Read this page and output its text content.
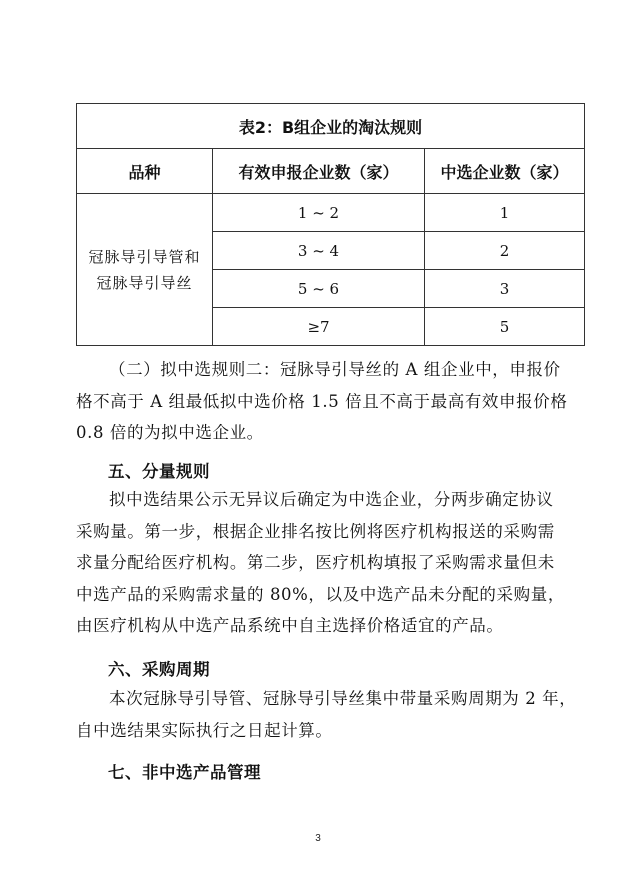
表2：B组企业的淘汰规则		
品种	有效申报企业数（家）	中选企业数（家）

冠脉导引导管和
冠脉导引导丝	1 ~ 2	1
	3 ~ 4	2
	5 ~ 6	3
	≥7	5
（二）拟中选规则二：冠脉导引导丝的 A 组企业中，申报价
格不高于 A 组最低拟中选价格 1.5 倍且不高于最高有效申报价格
0.8 倍的为拟中选企业。
五、分量规则
拟中选结果公示无异议后确定为中选企业，分两步确定协议
采购量。第一步，根据企业排名按比例将医疗机构报送的采购需
求量分配给医疗机构。第二步，医疗机构填报了采购需求量但未
中选产品的采购需求量的 80%，以及中选产品未分配的采购量，
由医疗机构从中选产品系统中自主选择价格适宜的产品。
六、采购周期
本次冠脉导引导管、冠脉导引导丝集中带量采购周期为 2 年，
自中选结果实际执行之日起计算。
七、非中选产品管理
3
